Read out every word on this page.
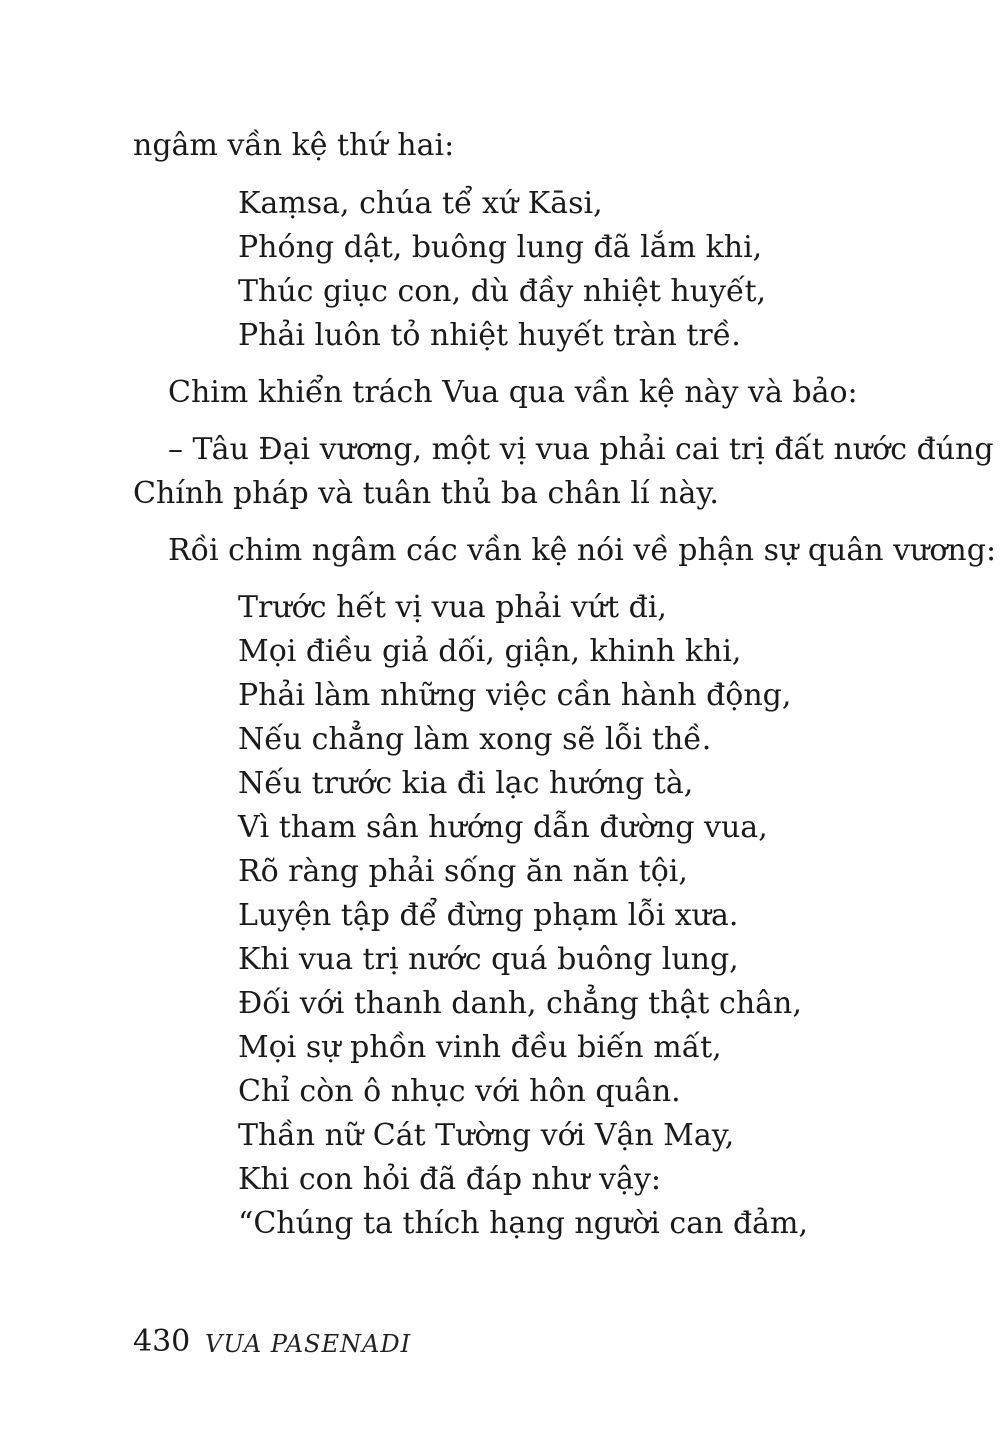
ngâm vần kệ thứ hai:
Kaṃsa, chúa tể xứ Kāsi,
Phóng dật, buông lung đã lắm khi,
Thúc giục con, dù đầy nhiệt huyết,
Phải luôn tỏ nhiệt huyết tràn trề.
Chim khiển trách Vua qua vần kệ này và bảo:
– Tâu Đại vương, một vị vua phải cai trị đất nước đúng
Chính pháp và tuân thủ ba chân lí này.
Rồi chim ngâm các vần kệ nói về phận sự quân vương:
Trước hết vị vua phải vứt đi,
Mọi điều giả dối, giận, khinh khi,
Phải làm những việc cần hành động,
Nếu chẳng làm xong sẽ lỗi thề.
Nếu trước kia đi lạc hướng tà,
Vì tham sân hướng dẫn đường vua,
Rõ ràng phải sống ăn năn tội,
Luyện tập để đừng phạm lỗi xưa.
Khi vua trị nước quá buông lung,
Đối với thanh danh, chẳng thật chân,
Mọi sự phồn vinh đều biến mất,
Chỉ còn ô nhục với hôn quân.
Thần nữ Cát Tường với Vận May,
Khi con hỏi đã đáp như vậy:
“Chúng ta thích hạng người can đảm,
430 VUA PASENADI
